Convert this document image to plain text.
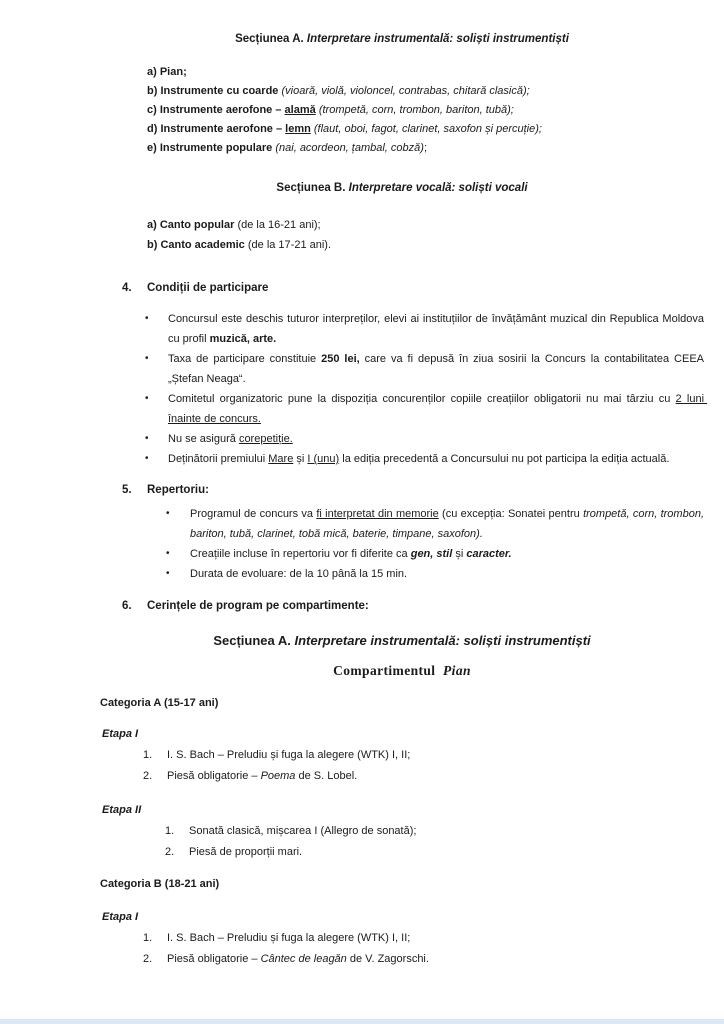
Secțiunea A. Interpretare instrumentală: soliști instrumentiști
a) Pian;
b) Instrumente cu coarde (vioară, violă, violoncel, contrabas, chitară clasică);
c) Instrumente aerofone – alamă (trompetă, corn, trombon, bariton, tubă);
d) Instrumente aerofone – lemn (flaut, oboi, fagot, clarinet, saxofon și percuție);
e) Instrumente populare (nai, acordeon, țambal, cobză);
Secțiunea B. Interpretare vocală: soliști vocali
a) Canto popular (de la 16-21 ani);
b) Canto academic (de la 17-21 ani).
4.	Condiții de participare
•	Concursul este deschis tuturor interpreților, elevi ai instituțiilor de învățământ muzical din Republica Moldova cu profil muzică, arte.
•	Taxa de participare constituie 250 lei, care va fi depusă în ziua sosirii la Concurs la contabilitatea CEEA „Ștefan Neaga“.
•	Comitetul organizatoric pune la dispoziția concurenților copiile creațiilor obligatorii nu mai târziu cu 2 luni înainte de concurs.
•	Nu se asigură corepetiție.
•	Deținătorii premiului Mare și I (unu) la ediția precedentă a Concursului nu pot participa la ediția actuală.
5.	Repertoriu:
•	Programul de concurs va fi interpretat din memorie (cu excepția: Sonatei pentru trompetă, corn, trombon, bariton, tubă, clarinet, tobă mică, baterie, timpane, saxofon).
•	Creațiile incluse în repertoriu vor fi diferite ca gen, stil și caracter.
•	Durata de evoluare: de la 10 până la 15 min.
6.	Cerințele de program pe compartimente:
Secțiunea A. Interpretare instrumentală: soliști instrumentiști
Compartimentul  Pian
Categoria A (15-17 ani)
Etapa I
1.	I. S. Bach – Preludiu și fuga la alegere (WTK) I, II;
2.	Piesă obligatorie – Poema de S. Lobel.
Etapa II
1.	Sonată clasică, mișcarea I (Allegro de sonată);
2.	Piesă de proporții mari.
Categoria B (18-21 ani)
Etapa I
1.	I. S. Bach – Preludiu și fuga la alegere (WTK) I, II;
2.	Piesă obligatorie – Cântec de leagăn de V. Zagorschi.
